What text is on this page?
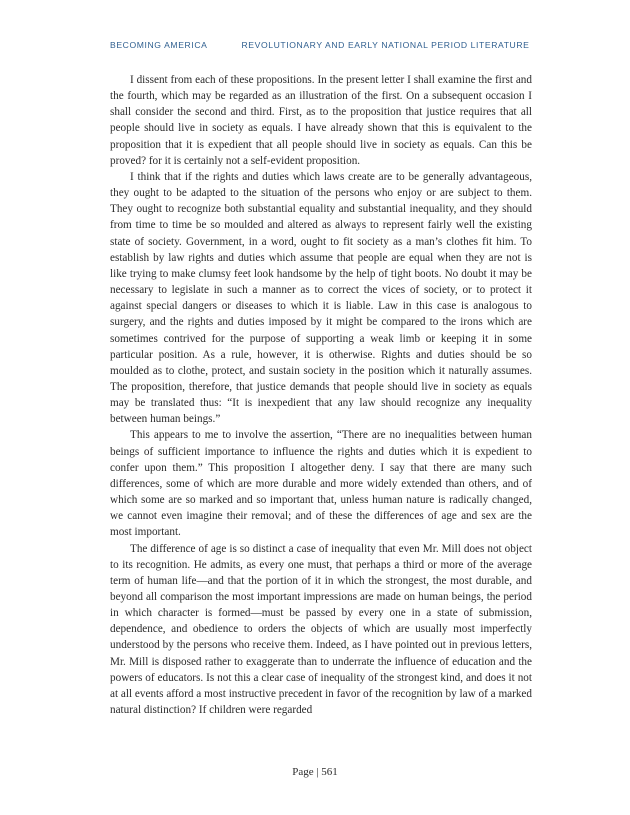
BECOMING AMERICA	REVOLUTIONARY AND EARLY NATIONAL PERIOD LITERATURE

I dissent from each of these propositions. In the present letter I shall examine the first and the fourth, which may be regarded as an illustration of the first. On a subsequent occasion I shall consider the second and third. First, as to the proposition that justice requires that all people should live in society as equals. I have already shown that this is equivalent to the proposition that it is expedient that all people should live in society as equals. Can this be proved? for it is certainly not a self-evident proposition.

I think that if the rights and duties which laws create are to be generally advantageous, they ought to be adapted to the situation of the persons who enjoy or are subject to them. They ought to recognize both substantial equality and substantial inequality, and they should from time to time be so moulded and altered as always to represent fairly well the existing state of society. Government, in a word, ought to fit society as a man’s clothes fit him. To establish by law rights and duties which assume that people are equal when they are not is like trying to make clumsy feet look handsome by the help of tight boots. No doubt it may be necessary to legislate in such a manner as to correct the vices of society, or to protect it against special dangers or diseases to which it is liable. Law in this case is analogous to surgery, and the rights and duties imposed by it might be compared to the irons which are sometimes contrived for the purpose of supporting a weak limb or keeping it in some particular position. As a rule, however, it is otherwise. Rights and duties should be so moulded as to clothe, protect, and sustain society in the position which it naturally assumes. The proposition, therefore, that justice demands that people should live in society as equals may be translated thus: “It is inexpedient that any law should recognize any inequality between human beings.”

This appears to me to involve the assertion, “There are no inequalities between human beings of sufficient importance to influence the rights and duties which it is expedient to confer upon them.” This proposition I altogether deny. I say that there are many such differences, some of which are more durable and more widely extended than others, and of which some are so marked and so important that, unless human nature is radically changed, we cannot even imagine their removal; and of these the differences of age and sex are the most important.

The difference of age is so distinct a case of inequality that even Mr. Mill does not object to its recognition. He admits, as every one must, that perhaps a third or more of the average term of human life—and that the portion of it in which the strongest, the most durable, and beyond all comparison the most important impressions are made on human beings, the period in which character is formed—must be passed by every one in a state of submission, dependence, and obedience to orders the objects of which are usually most imperfectly understood by the persons who receive them. Indeed, as I have pointed out in previous letters, Mr. Mill is disposed rather to exaggerate than to underrate the influence of education and the powers of educators. Is not this a clear case of inequality of the strongest kind, and does it not at all events afford a most instructive precedent in favor of the recognition by law of a marked natural distinction? If children were regarded

Page | 561
